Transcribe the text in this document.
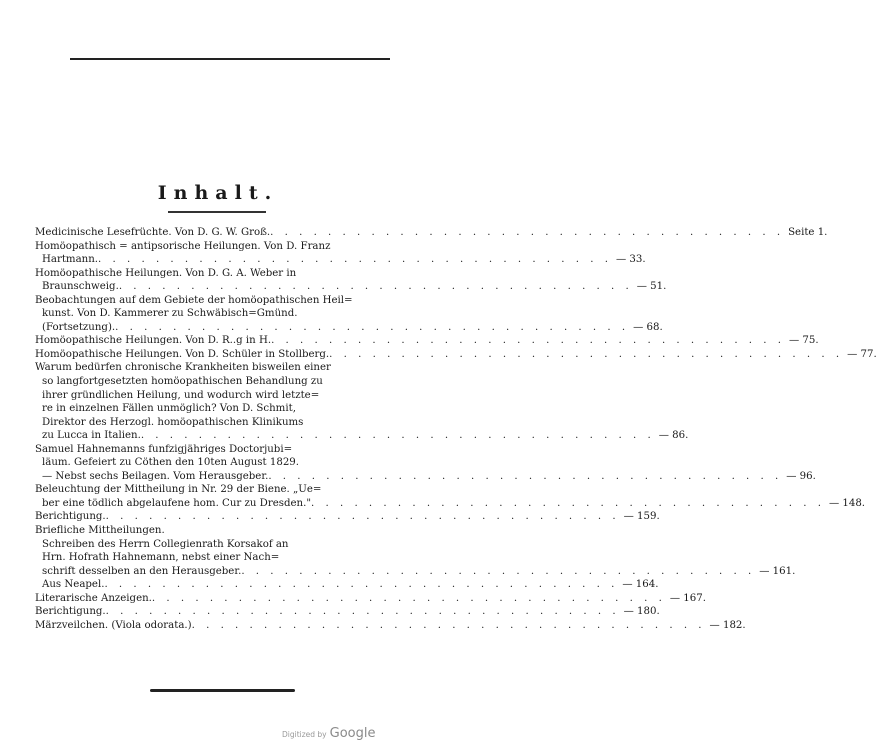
Inhalt.
Medicinische Lesefrüchte. Von D. G. W. Groß. . . . . . . . . . . . . . . . . . . . . . . . . . . . . . . . . . . . . Seite 1.
Homöopathisch = antipsorische Heilungen. Von D. Franz
Hartmann. . . . . . . . . . . . . . . . . . . . . . . . . . . . . . . . . . . . . — 33.
Homöopathische Heilungen. Von D. G. A. Weber in
Braunschweig. . . . . . . . . . . . . . . . . . . . . . . . . . . . . . . . . . . . . — 51.
Beobachtungen auf dem Gebiete der homöopathischen Heil=
kunst. Von D. Kammerer zu Schwäbisch=Gmünd.
(Fortsetzung). . . . . . . . . . . . . . . . . . . . . . . . . . . . . . . . . . . . . — 68.
Homöopathische Heilungen. Von D. R..g in H. . . . . . . . . . . . . . . . . . . . . . . . . . . . . . . . . . . . . — 75.
Homöopathische Heilungen. Von D. Schüler in Stollberg. . . . . . . . . . . . . . . . . . . . . . . . . . . . . . . . . . . . . — 77.
Warum bedürfen chronische Krankheiten bisweilen einer
so langfortgesetzten homöopathischen Behandlung zu
ihrer gründlichen Heilung, und wodurch wird letzte=
re in einzelnen Fällen unmöglich? Von D. Schmit,
Direktor des Herzogl. homöopathischen Klinikums
zu Lucca in Italien. . . . . . . . . . . . . . . . . . . . . . . . . . . . . . . . . . . . . — 86.
Samuel Hahnemanns funfzigjähriges Doctorjubi=
läum. Gefeiert zu Cöthen den 10ten August 1829.
— Nebst sechs Beilagen. Vom Herausgeber. . . . . . . . . . . . . . . . . . . . . . . . . . . . . . . . . . . . . — 96.
Beleuchtung der Mittheilung in Nr. 29 der Biene. „Ue=
ber eine tödlich abgelaufene hom. Cur zu Dresden." . . . . . . . . . . . . . . . . . . . . . . . . . . . . . . . . . . . . — 148.
Berichtigung. . . . . . . . . . . . . . . . . . . . . . . . . . . . . . . . . . . . . — 159.
Briefliche Mittheilungen.
Schreiben des Herrn Collegienrath Korsakof an
Hrn. Hofrath Hahnemann, nebst einer Nach=
schrift desselben an den Herausgeber. . . . . . . . . . . . . . . . . . . . . . . . . . . . . . . . . . . . . — 161.
Aus Neapel. . . . . . . . . . . . . . . . . . . . . . . . . . . . . . . . . . . . . — 164.
Literarische Anzeigen. . . . . . . . . . . . . . . . . . . . . . . . . . . . . . . . . . . . . — 167.
Berichtigung. . . . . . . . . . . . . . . . . . . . . . . . . . . . . . . . . . . . . — 180.
Märzveilchen. (Viola odorata.) . . . . . . . . . . . . . . . . . . . . . . . . . . . . . . . . . . . . — 182.
Digitized by Google
